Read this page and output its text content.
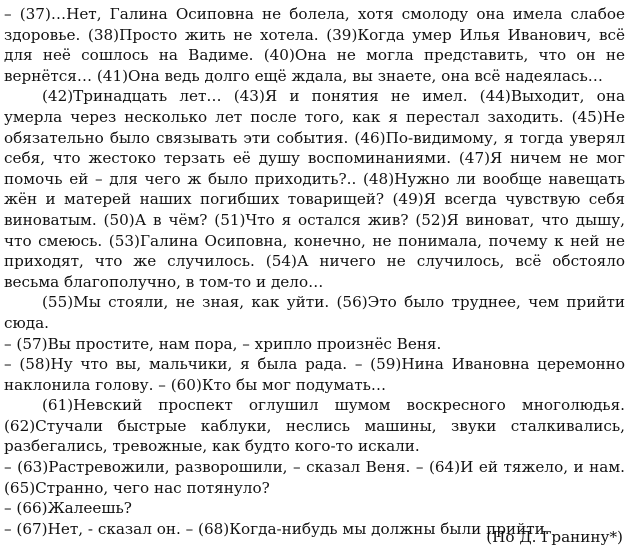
– (37)…Нет, Галина Осиповна не болела, хотя смолоду она имела слабое здоровье. (38)Просто жить не хотела. (39)Когда умер Илья Иванович, всё для неё сошлось на Вадиме. (40)Она не могла представить, что он не вернётся… (41)Она ведь долго ещё ждала, вы знаете, она всё надеялась…

(42)Тринадцать лет… (43)Я и понятия не имел. (44)Выходит, она умерла через несколько лет после того, как я перестал заходить. (45)Не обязательно было связывать эти события. (46)По-видимому, я тогда уверял себя, что жестоко терзать её душу воспоминаниями. (47)Я ничем не мог помочь ей – для чего ж было приходить?.. (48)Нужно ли вообще навещать жён и матерей наших погибших товарищей? (49)Я всегда чувствую себя виноватым. (50)А в чём? (51)Что я остался жив? (52)Я виноват, что дышу, что смеюсь. (53)Галина Осиповна, конечно, не понимала, почему к ней не приходят, что же случилось. (54)А ничего не случилось, всё обстояло весьма благополучно, в том-то и дело…

(55)Мы стояли, не зная, как уйти. (56)Это было труднее, чем прийти сюда.

– (57)Вы простите, нам пора, – хрипло произнёс Веня.

– (58)Ну что вы, мальчики, я была рада. – (59)Нина Ивановна церемонно наклонила голову. – (60)Кто бы мог подумать…

(61)Невский проспект оглушил шумом воскресного многолюдья. (62)Стучали быстрые каблуки, неслись машины, звуки сталкивались, разбегались, тревожные, как будто кого-то искали.

– (63)Растревожили, разворошили, – сказал Веня. – (64)И ей тяжело, и нам. (65)Странно, чего нас потянуло?

– (66)Жалеешь?

– (67)Нет, - сказал он. – (68)Когда-нибудь мы должны были прийти.

(По Д. Гранину*)
